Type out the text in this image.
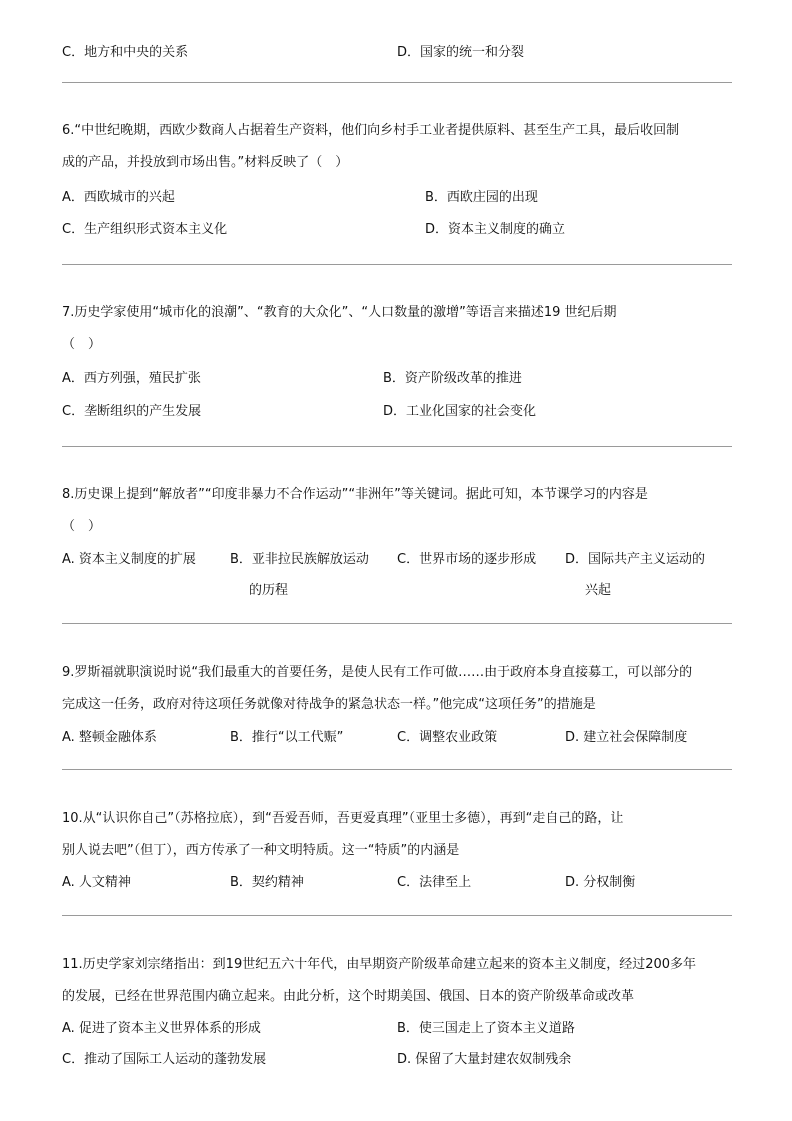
C．地方和中央的关系	D．国家的统一和分裂
6.“中世纪晚期，西欧少数商人占据着生产资料，他们向乡村手工业者提供原料、甚至生产工具，最后收回制
成的产品，并投放到市场出售。”材料反映了（　）
A．西欧城市的兴起	B．西欧庄园的出现
C．生产组织形式资本主义化	D．资本主义制度的确立
7.历史学家使用“城市化的浪潮”、“教育的大众化”、“人口数量的激增”等语言来描述19 世纪后期
（　）
A．西方列强，殖民扩张	B．资产阶级改革的推进
C．垄断组织的产生发展	D．工业化国家的社会变化
8.历史课上提到“解放者”“印度非暴力不合作运动”“非洲年”等关键词。据此可知，本节课学习的内容是
（　）
A. 资本主义制度的扩展	B．亚非拉民族解放运动
的历程
C．世界市场的逐步形成 D．国际共产主义运动的
兴起
9.罗斯福就职演说时说“我们最重大的首要任务，是使人民有工作可做……由于政府本身直接募工，可以部分的
完成这一任务，政府对待这项任务就像对待战争的紧急状态一样。”他完成“这项任务”的措施是
A. 整顿金融体系	B．推行“以工代赈”	C．调整农业政策	D. 建立社会保障制度
10.从“认识你自己”（苏格拉底），到“吾爱吾师，吾更爱真理”（亚里士多德），再到“走自己的路，让
别人说去吧”（但丁），西方传承了一种文明特质。这一“特质”的内涵是
A. 人文精神	B．契约精神	C．法律至上	D. 分权制衡
11.历史学家刘宗绪指出：到19世纪五六十年代，由早期资产阶级革命建立起来的资本主义制度，经过200多年
的发展，已经在世界范围内确立起来。由此分析，这个时期美国、俄国、日本的资产阶级革命或改革
A. 促进了资本主义世界体系的形成	B．使三国走上了资本主义道路
C．推动了国际工人运动的蓬勃发展	D. 保留了大量封建农奴制残余
